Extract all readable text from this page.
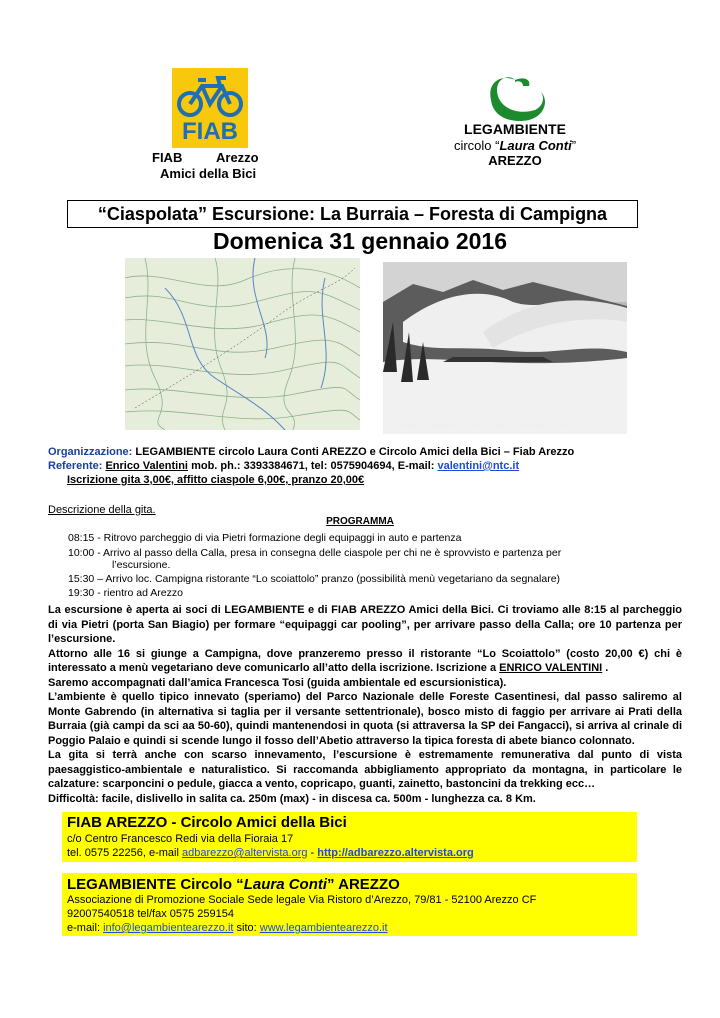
FIAB
FIAB	Arezzo
Amici della Bici
LEGAMBIENTE
circolo “Laura Conti”
AREZZO
“Ciaspolata” Escursione: La Burraia – Foresta di Campigna
Domenica 31 gennaio 2016
Camaldoli Campigna - Campi di sci alla Burraia m. 1450
Organizzazione: LEGAMBIENTE circolo Laura Conti AREZZO e Circolo Amici della Bici – Fiab Arezzo
Referente: Enrico Valentini mob. ph.: 3393384671, tel: 0575904694, E-mail: valentini@ntc.it
Iscrizione gita 3,00€, affitto ciaspole 6,00€, pranzo 20,00€
Descrizione della gita.
PROGRAMMA
08:15 - Ritrovo parcheggio di via Pietri formazione degli equipaggi in auto e partenza
10:00 - Arrivo al passo della Calla, presa in consegna delle ciaspole per chi ne è sprovvisto e partenza per
l’escursione.
15:30 – Arrivo loc. Campigna ristorante “Lo scoiattolo” pranzo (possibilità menù vegetariano da segnalare)
19:30 - rientro ad Arezzo

La escursione è aperta ai soci di LEGAMBIENTE e di FIAB AREZZO Amici della Bici. Ci troviamo alle 8:15 al parcheggio di via Pietri (porta San Biagio) per formare “equipaggi car pooling”, per arrivare passo della Calla; ore 10 partenza per l’escursione.

Attorno alle 16 si giunge a Campigna, dove pranzeremo presso il ristorante “Lo Scoiattolo” (costo 20,00 €) chi è interessato a menù vegetariano deve comunicarlo all’atto della iscrizione. Iscrizione a ENRICO VALENTINI .

Saremo accompagnati dall’amica Francesca Tosi (guida ambientale ed escursionistica).

L’ambiente è quello tipico innevato (speriamo) del Parco Nazionale delle Foreste Casentinesi, dal passo saliremo al Monte Gabrendo (in alternativa si taglia per il versante settentrionale), bosco misto di faggio per arrivare ai Prati della Burraia (già campi da sci aa 50-60), quindi mantenendosi in quota (si attraversa la SP dei Fangacci), si arriva al crinale di Poggio Palaio e quindi si scende lungo il fosso dell’Abetio attraverso la tipica foresta di abete bianco colonnato.

La gita si terrà anche con scarso innevamento, l’escursione è estremamente remunerativa dal punto di vista paesaggistico-ambientale e naturalistico. Si raccomanda abbigliamento appropriato da montagna, in particolare le calzature: scarponcini o pedule, giacca a vento, copricapo, guanti, zainetto, bastoncini da trekking ecc…

Difficoltà: facile, dislivello in salita ca. 250m (max) - in discesa ca. 500m - lunghezza ca. 8 Km.

FIAB AREZZO - Circolo Amici della Bici
c/o Centro Francesco Redi via della Fioraia 17
tel. 0575 22256, e-mail adbarezzo@altervista.org - http://adbarezzo.altervista.org
LEGAMBIENTE Circolo “Laura Conti” AREZZO
Associazione di Promozione Sociale Sede legale Via Ristoro d’Arezzo, 79/81 - 52100 Arezzo CF
92007540518 tel/fax 0575 259154
e-mail: info@legambientearezzo.it sito: www.legambientearezzo.it
